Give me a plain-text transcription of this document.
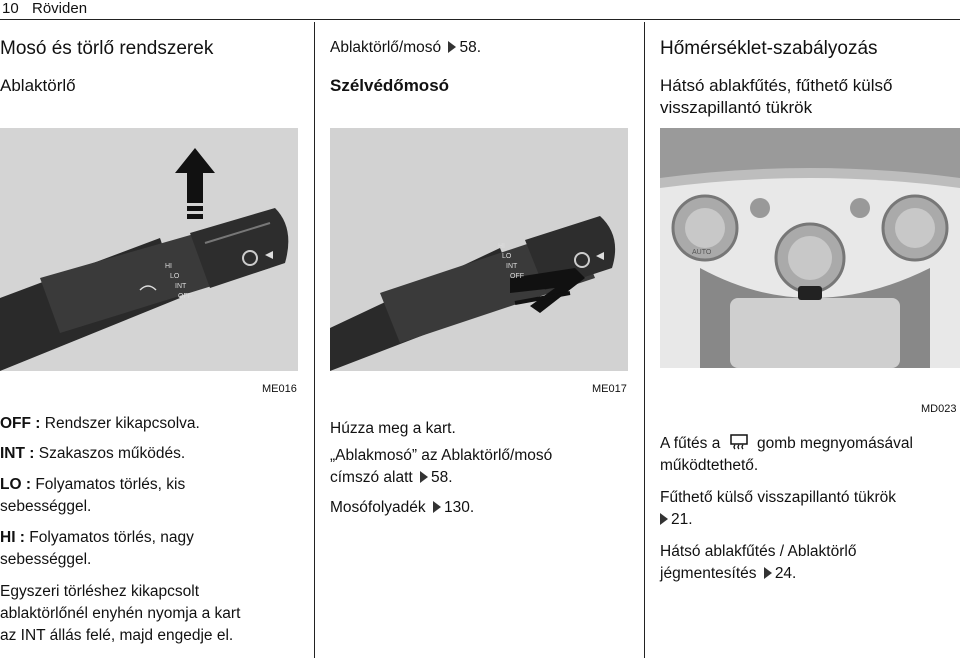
10 Röviden
Mosó és törlő rendszerek
Ablaktörlő
HI
LO
INT
OFF
ME016
OFF : Rendszer kikapcsolva.
INT : Szakaszos működés.
LO : Folyamatos törlés, kis
sebességgel.
HI : Folyamatos törlés, nagy
sebességgel.
Egyszeri törléshez kikapcsolt
ablaktörlőnél enyhén nyomja a kart
az INT állás felé, majd engedje el.
Ablaktörlő/mosó 58.
Szélvédőmosó
HI
LO
INT
OFF
ME017
Húzza meg a kart.
„Ablakmosó” az Ablaktörlő/mosó
címszó alatt 58.
Mosófolyadék 130.
Hőmérséklet-szabályozás
Hátsó ablakfűtés, fűthető külső
visszapillantó tükrök
AUTO
MD023
A fűtés a gomb megnyomásával
működtethető.
Fűthető külső visszapillantó tükrök
21.
Hátsó ablakfűtés / Ablaktörlő
jégmentesítés 24.
